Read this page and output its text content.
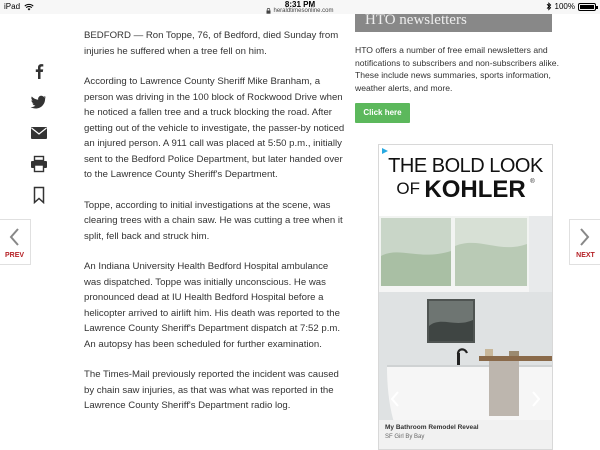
iPad	8:31 PM
heraldtimesonline.com	100%

BEDFORD — Ron Toppe, 76, of Bedford, died Sunday from injuries he suffered when a tree fell on him.

According to Lawrence County Sheriff Mike Branham, a person was driving in the 100 block of Rockwood Drive when he noticed a fallen tree and a truck blocking the road. After getting out of the vehicle to investigate, the passer-by noticed an injured person. A 911 call was placed at 5:50 p.m., initially sent to the Bedford Police Department, but later handed over to the Lawrence County Sheriff's Department.

Toppe, according to initial investigations at the scene, was clearing trees with a chain saw. He was cutting a tree when it split, fell back and struck him.

An Indiana University Health Bedford Hospital ambulance was dispatched. Toppe was initially unconscious. He was pronounced dead at IU Health Bedford Hospital before a helicopter arrived to airlift him. His death was reported to the Lawrence County Sheriff's Department dispatch at 7:52 p.m. An autopsy has been scheduled for further examination.

The Times-Mail previously reported the incident was caused by chain saw injuries, as that was what was reported in the Lawrence County Sheriff's Department radio log.

PREV	NEXT
HTO newsletters
HTO offers a number of free email newsletters and notifications to subscribers and non-subscribers alike. These include news summaries, sports information, weather alerts, and more.
Click here
THE BOLD LOOK
OF KOHLER ®
My Bathroom Remodel Reveal
SF Girl By Bay
